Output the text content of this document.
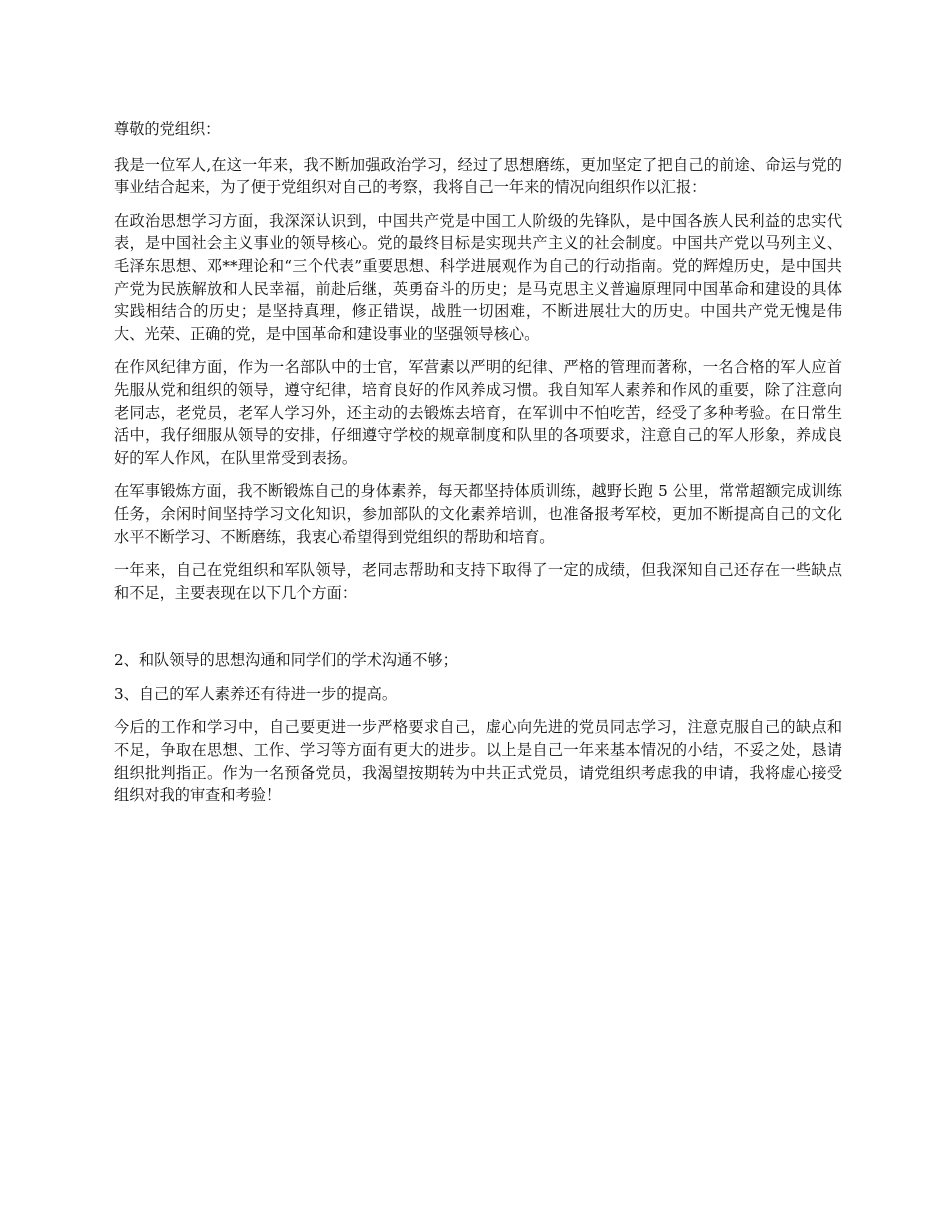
尊敬的党组织：

我是一位军人,在这一年来，我不断加强政治学习，经过了思想磨练，更加坚定了把自己的前途、命运与党的事业结合起来，为了便于党组织对自己的考察，我将自己一年来的情况向组织作以汇报：

在政治思想学习方面，我深深认识到，中国共产党是中国工人阶级的先锋队，是中国各族人民利益的忠实代表，是中国社会主义事业的领导核心。党的最终目标是实现共产主义的社会制度。中国共产党以马列主义、毛泽东思想、邓**理论和“三个代表”重要思想、科学进展观作为自己的行动指南。党的辉煌历史，是中国共产党为民族解放和人民幸福，前赴后继，英勇奋斗的历史；是马克思主义普遍原理同中国革命和建设的具体实践相结合的历史；是坚持真理，修正错误，战胜一切困难，不断进展壮大的历史。中国共产党无愧是伟大、光荣、正确的党，是中国革命和建设事业的坚强领导核心。

在作风纪律方面，作为一名部队中的士官，军营素以严明的纪律、严格的管理而著称，一名合格的军人应首先服从党和组织的领导，遵守纪律，培育良好的作风养成习惯。我自知军人素养和作风的重要，除了注意向老同志，老党员，老军人学习外，还主动的去锻炼去培育，在军训中不怕吃苦，经受了多种考验。在日常生活中，我仔细服从领导的安排，仔细遵守学校的规章制度和队里的各项要求，注意自己的军人形象，养成良好的军人作风，在队里常受到表扬。

在军事锻炼方面，我不断锻炼自己的身体素养，每天都坚持体质训练，越野长跑 5 公里，常常超额完成训练任务，余闲时间坚持学习文化知识，参加部队的文化素养培训，也准备报考军校，更加不断提高自己的文化水平不断学习、不断磨练，我衷心希望得到党组织的帮助和培育。

一年来，自己在党组织和军队领导，老同志帮助和支持下取得了一定的成绩，但我深知自己还存在一些缺点和不足，主要表现在以下几个方面：

2、和队领导的思想沟通和同学们的学术沟通不够；

3、自己的军人素养还有待进一步的提高。

今后的工作和学习中，自己要更进一步严格要求自己，虚心向先进的党员同志学习，注意克服自己的缺点和不足，争取在思想、工作、学习等方面有更大的进步。以上是自己一年来基本情况的小结，不妥之处，恳请组织批判指正。作为一名预备党员，我渴望按期转为中共正式党员，请党组织考虑我的申请，我将虚心接受组织对我的审查和考验！
